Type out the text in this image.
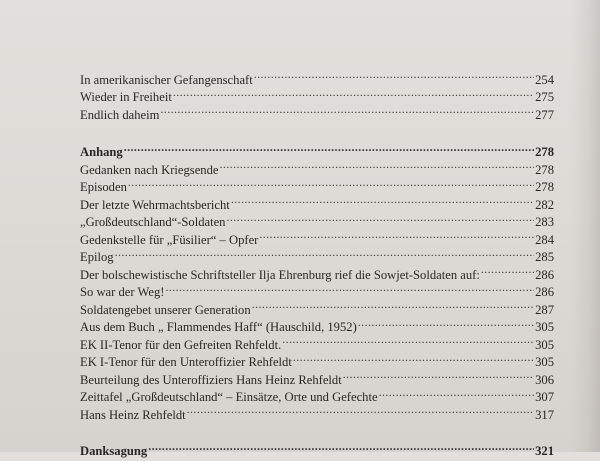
In amerikanischer Gefangenschaft .....	254
Wieder in Freiheit .....	275
Endlich daheim .....	277
Anhang .....	278
Gedanken nach Kriegsende .....	278
Episoden .....	278
Der letzte Wehrmachtsbericht .....	282
„Großdeutschland“-Soldaten .....	283
Gedenkstelle für „Füsilier“ – Opfer .....	284
Epilog .....	285
Der bolschewistische Schriftsteller Ilja Ehrenburg rief die Sowjet-Soldaten auf: .....	286
So war der Weg! .....	286
Soldatengebet unserer Generation .....	287
Aus dem Buch „ Flammendes Haff“ (Hauschild, 1952) .....	305
EK II-Tenor für den Gefreiten Rehfeldt. .....	305
EK I-Tenor für den Unteroffizier Rehfeldt .....	305
Beurteilung des Unteroffiziers Hans Heinz Rehfeldt .....	306
Zeittafel „Großdeutschland“ – Einsätze, Orte und Gefechte .....	307
Hans Heinz Rehfeldt .....	317
Danksagung .....	321
